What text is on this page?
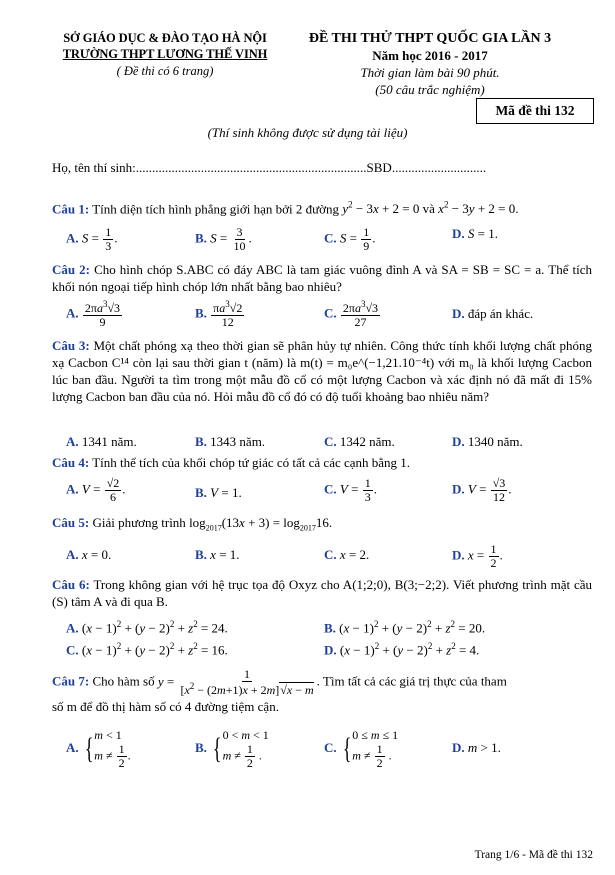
SỞ GIÁO DỤC & ĐÀO TẠO HÀ NỘI
TRƯỜNG THPT LƯƠNG THẾ VINH
( Đề thi có 6 trang)
ĐỀ THI THỬ THPT QUỐC GIA LẦN 3
Năm học 2016 - 2017
Thời gian làm bài 90 phút.
(50 câu trắc nghiệm)
Mã đề thi 132
(Thí sinh không được sử dụng tài liệu)
Họ, tên thí sinh:.......................................................................SBD.............................
Câu 1: Tính diện tích hình phẳng giới hạn bởi 2 đường $y^2 - 3x + 2 = 0$ và $x^2 - 3y + 2 = 0$.
A. $S = \frac{1}{3}$ .	B. $S = \frac{3}{10}$ .	C. $S = \frac{1}{9}$ .	D. S = 1.
Câu 2: Cho hình chóp S.ABC có đáy ABC là tam giác vuông đỉnh A và SA = SB = SC = a. Thể tích khối nón ngoại tiếp hình chóp lớn nhất bằng bao nhiêu?
A. $\frac{2\pi a^3√3}{9}$	B. $\frac{\pi a^3√2}{12}$	C. $\frac{2\pi a^3√3}{27}$	D. đáp án khác.
Câu 3: Một chất phóng xạ theo thời gian sẽ phân hủy tự nhiên. Công thức tính khối lượng chất phóng xạ Cacbon C¹⁴ còn lại sau thời gian t (năm) là m(t) = m₀e^(−1,21.10⁻⁴t) với m₀ là khối lượng Cacbon lúc ban đầu. Người ta tìm trong một mẫu đồ cổ có một lượng Cacbon và xác định nó đã mất đi 15% lượng Cacbon ban đầu của nó. Hỏi mẫu đồ cổ đó có độ tuổi khoảng bao nhiêu năm?
A. 1341 năm.	B. 1343 năm.	C. 1342 năm.	D. 1340 năm.
Câu 4: Tính thể tích của khối chóp tứ giác có tất cả các cạnh bằng 1.
A. $V = \frac{√2}{6}$ .	B. V = 1.	C. $V = \frac{1}{3}$ .	D. $V = \frac{√3}{12}$ .
Câu 5: Giải phương trình $\log_{2017}(13x + 3) = \log_{2017}16$.
A. x = 0.	B. x = 1.	C. x = 2.	D. $x = \frac{1}{2}$ .
Câu 6: Trong không gian với hệ trục tọa độ Oxyz cho A(1;2;0), B(3;−2;2). Viết phương trình mặt cầu (S) tâm A và đi qua B.
A. $(x - 1)^2 + (y - 2)^2 + z^2 = 24$.	B. $(x - 1)^2 + (y - 2)^2 + z^2 = 20$.
C. $(x - 1)^2 + (y - 2)^2 + z^2 = 16$.	D. $(x - 1)^2 + (y - 2)^2 + z^2 = 4$.
Câu 7: Cho hàm số $y = \frac{1}{[x^2 - (2m+1)x + 2m]√x - m}$ . Tìm tất cả các giá trị thực của tham
số m để đồ thị hàm số có 4 đường tiệm cận.
A. { m < 1
$m \ne \frac{1}{2}$ .
B. { 0 < m < 1
$m \ne \frac{1}{2}$ .
C. { 0 ≤ m ≤ 1
$m \ne \frac{1}{2}$ .
D. m > 1.
Trang 1/6 - Mã đề thi 132
